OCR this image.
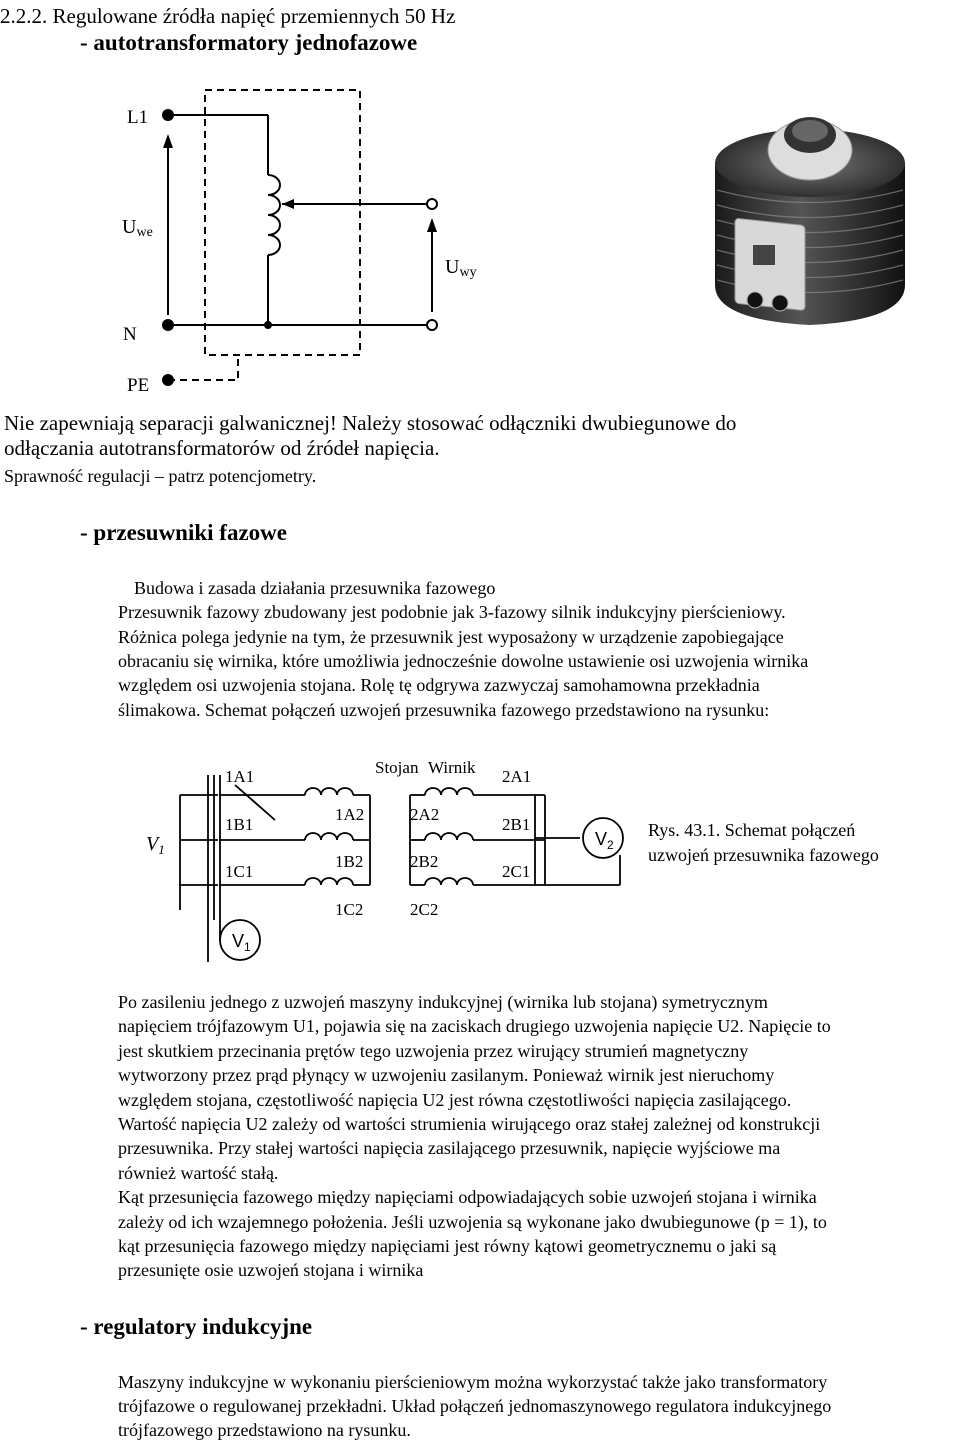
2.2.2. Regulowane źródła napięć przemiennych 50 Hz
- autotransformatory jednofazowe
L1
Uwe
Uwy
N
PE
Nie zapewniają separacji galwanicznej! Należy stosować odłączniki dwubiegunowe do
odłączania autotransformatorów od źródeł napięcia.
Sprawność regulacji – patrz potencjometry.
- przesuwniki fazowe
Budowa i zasada działania przesuwnika fazowego
Przesuwnik fazowy zbudowany jest podobnie jak 3-fazowy silnik indukcyjny pierścieniowy.
Różnica polega jedynie na tym, że przesuwnik jest wyposażony w urządzenie zapobiegające
obracaniu się wirnika, które umożliwia jednocześnie dowolne ustawienie osi uzwojenia wirnika
względem osi uzwojenia stojana. Rolę tę odgrywa zazwyczaj samohamowna przekładnia
ślimakowa. Schemat połączeń uzwojeń przesuwnika fazowego przedstawiono na rysunku:
Stojan Wirnik
1A1
1B1
1C1
1A2
1B2
1C2
2A2
2B2
2C2
2A1
2B1
2C1
$V_1$
$V_1$
$V_2$
Rys. 43.1. Schemat połączeń
uzwojeń przesuwnika fazowego
Po zasileniu jednego z uzwojeń maszyny indukcyjnej (wirnika lub stojana) symetrycznym
napięciem trójfazowym U1, pojawia się na zaciskach drugiego uzwojenia napięcie U2. Napięcie to
jest skutkiem przecinania prętów tego uzwojenia przez wirujący strumień magnetyczny
wytworzony przez prąd płynący w uzwojeniu zasilanym. Ponieważ wirnik jest nieruchomy
względem stojana, częstotliwość napięcia U2 jest równa częstotliwości napięcia zasilającego.
Wartość napięcia U2 zależy od wartości strumienia wirującego oraz stałej zależnej od konstrukcji
przesuwnika. Przy stałej wartości napięcia zasilającego przesuwnik, napięcie wyjściowe ma
również wartość stałą.
Kąt przesunięcia fazowego między napięciami odpowiadających sobie uzwojeń stojana i wirnika
zależy od ich wzajemnego położenia. Jeśli uzwojenia są wykonane jako dwubiegunowe (p = 1), to
kąt przesunięcia fazowego między napięciami jest równy kątowi geometrycznemu o jaki są
przesunięte osie uzwojeń stojana i wirnika
- regulatory indukcyjne
Maszyny indukcyjne w wykonaniu pierścieniowym można wykorzystać także jako transformatory
trójfazowe o regulowanej przekładni. Układ połączeń jednomaszynowego regulatora indukcyjnego
trójfazowego przedstawiono na rysunku.
